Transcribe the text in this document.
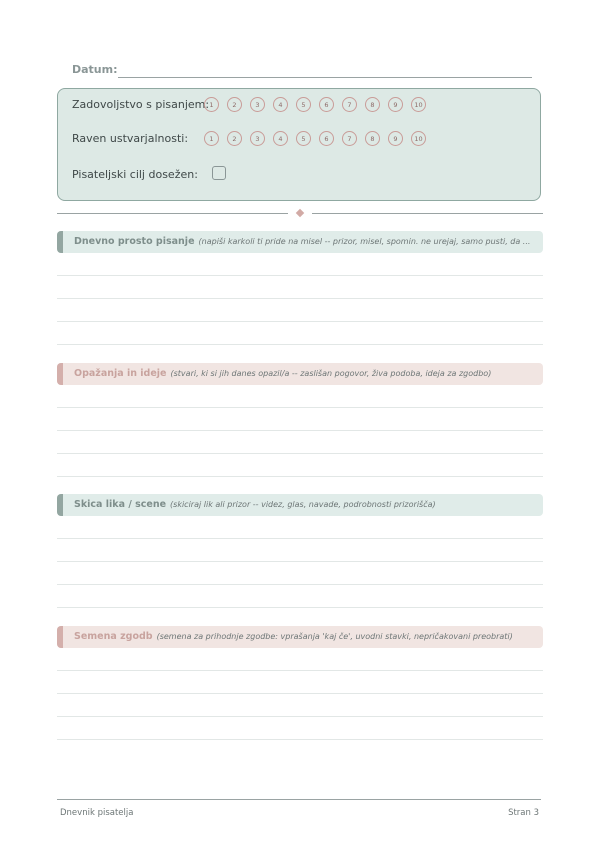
Datum:
Zadovoljstvo s pisanjem: 1	2	3	4	5	6	7	8	9	10
Raven ustvarjalnosti:	1	2	3	4	5	6	7	8	9	10
Pisateljski cilj dosežen:
Dnevno prosto pisanje (napiši karkoli ti pride na misel -- prizor, misel, spomin. ne urejaj, samo pusti, da ...
Opažanja in ideje (stvari, ki si jih danes opazil/a -- zaslišan pogovor, živa podoba, ideja za zgodbo)
Skica lika / scene (skiciraj lik ali prizor -- videz, glas, navade, podrobnosti prizorišča)
Semena zgodb (semena za prihodnje zgodbe: vprašanja 'kaj če', uvodni stavki, nepričakovani preobrati)
Dnevnik pisatelja	Stran 3
